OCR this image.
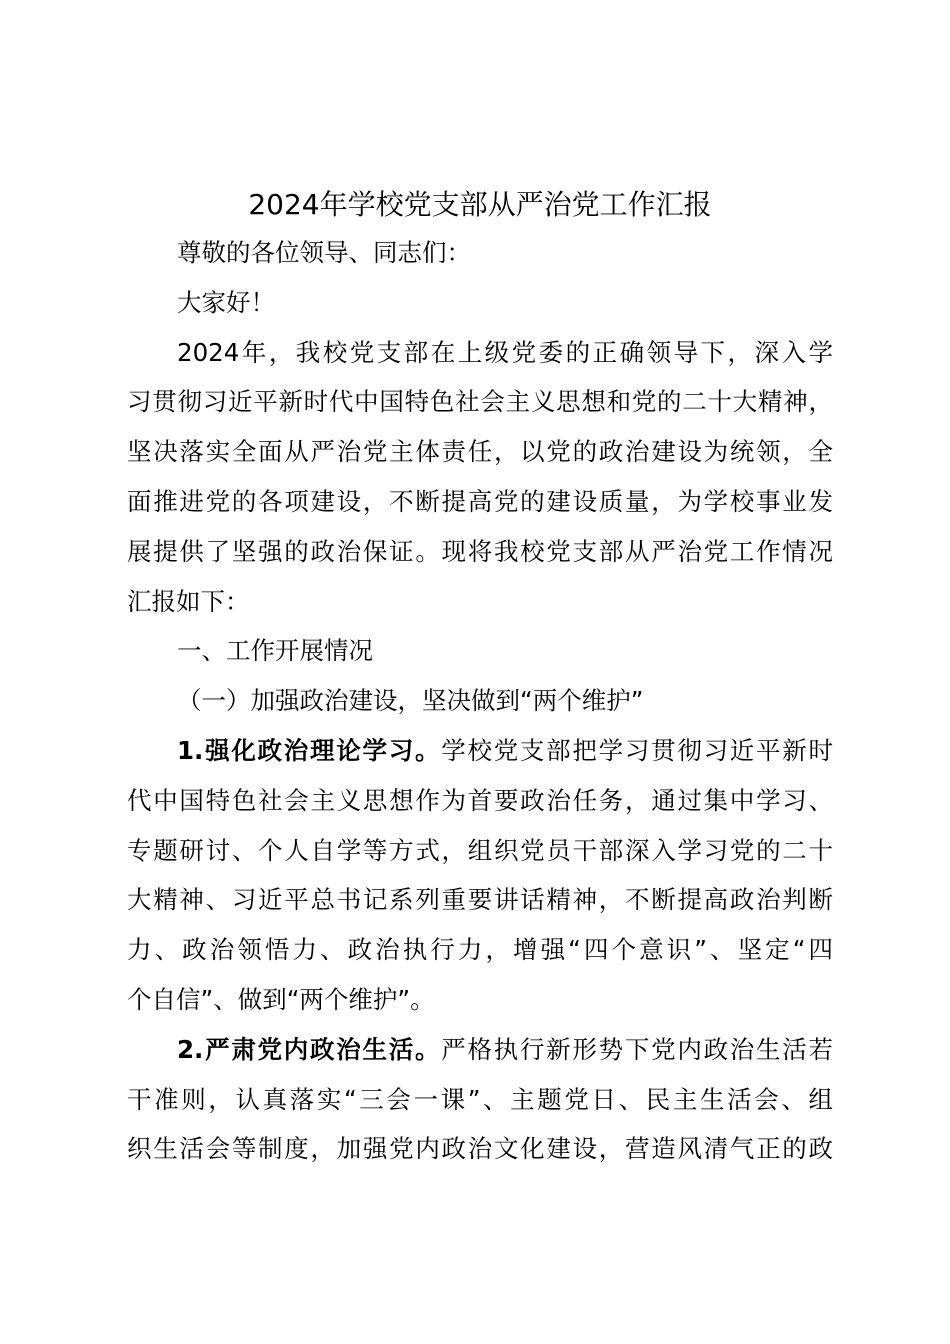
2024年学校党支部从严治党工作汇报
尊敬的各位领导、同志们：
大家好！
2024年，我校党支部在上级党委的正确领导下，深入学
习贯彻习近平新时代中国特色社会主义思想和党的二十大精神，
坚决落实全面从严治党主体责任，以党的政治建设为统领，全
面推进党的各项建设，不断提高党的建设质量，为学校事业发
展提供了坚强的政治保证。现将我校党支部从严治党工作情况
汇报如下：
一、工作开展情况
（一）加强政治建设，坚决做到“两个维护”
1.强化政治理论学习。学校党支部把学习贯彻习近平新时
代中国特色社会主义思想作为首要政治任务，通过集中学习、
专题研讨、个人自学等方式，组织党员干部深入学习党的二十
大精神、习近平总书记系列重要讲话精神，不断提高政治判断
力、政治领悟力、政治执行力，增强“四个意识”、坚定“四
个自信”、做到“两个维护”。
2.严肃党内政治生活。严格执行新形势下党内政治生活若
干准则，认真落实“三会一课”、主题党日、民主生活会、组
织生活会等制度，加强党内政治文化建设，营造风清气正的政
